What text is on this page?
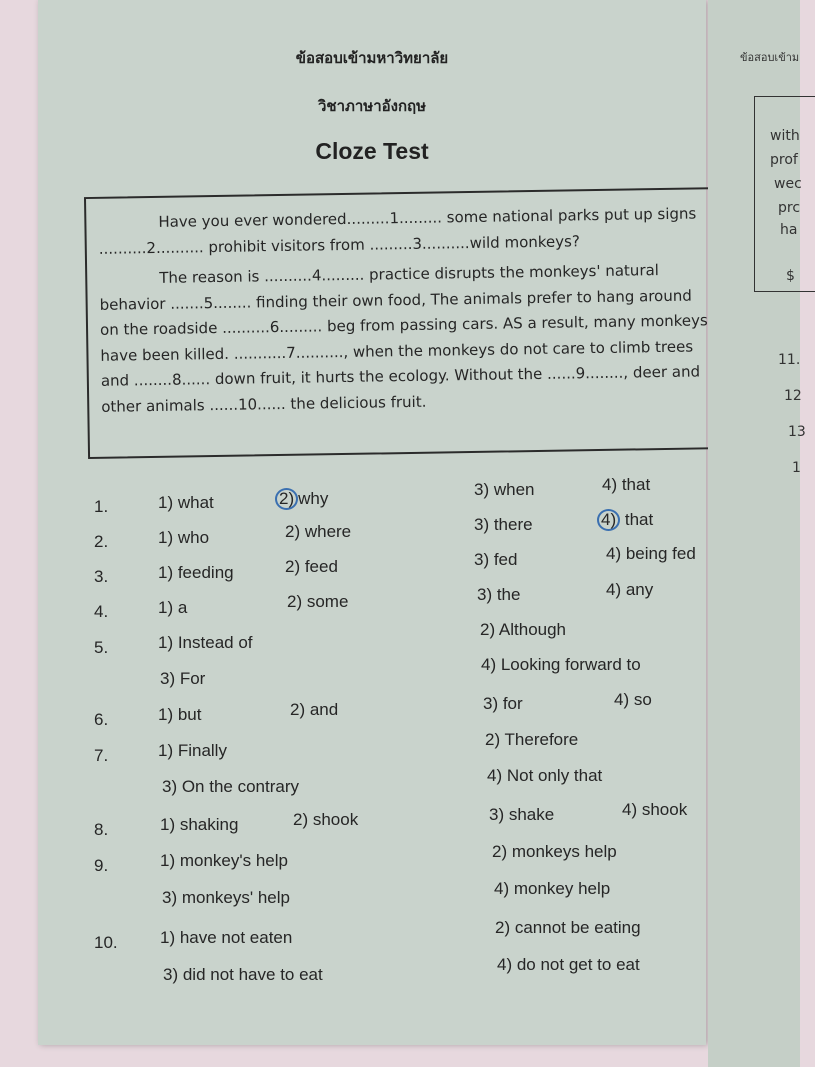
ข้อสอบเข้ามหาวิทยาลัย
วิชาภาษาอังกฤษ
Cloze Test

Have you ever wondered.........1......... some national parks put up signs

..........2.......... prohibit visitors from .........3..........wild monkeys?

The reason is ..........4......... practice disrupts the monkeys' natural

behavior .......5........ finding their own food, The animals prefer to hang around

on the roadside ..........6......... beg from passing cars. AS a result, many monkeys

have been killed. ...........7.........., when the monkeys do not care to climb trees

and ........8...... down fruit, it hurts the ecology. Without the ......9........, deer and

other animals ......10...... the delicious fruit.

1.	1) what	2) why	3) when	4) that
2.	1) who	2) where	3) there	4) that
3.	1) feeding	2) feed	3) fed	4) being fed
4.	1) a	2) some	3) the	4) any
5.	1) Instead of
2) Although
3) For
4) Looking forward to
6.	1) but	2) and	3) for	4) so
7.	1) Finally
2) Therefore
3) On the contrary
4) Not only that
8.	1) shaking	2) shook	3) shake	4) shook
9.	1) monkey's help	2) monkeys help
3) monkeys' help	4) monkey help
10. 1) have not eaten
2) cannot be eating
3) did not have to eat
4) do not get to eat
ข้อสอบเข้าม
with
prof
wec
prc
ha
$
11.
12
13
1
